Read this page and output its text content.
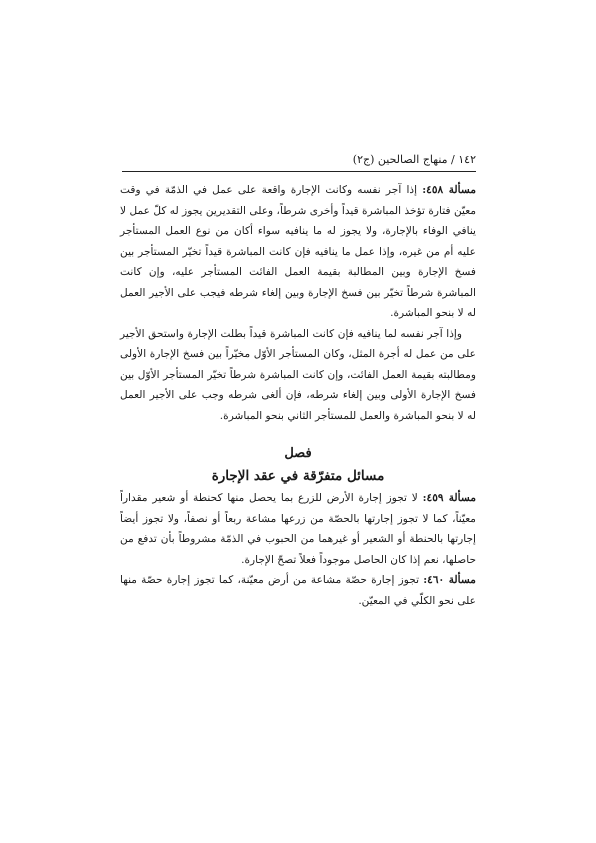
١٤٢ / منهاج الصالحين (ج٢)

مسألة ٤٥٨: إذا آجر نفسه وكانت الإجارة واقعة على عمل في الذمّة في وقت معيّن فتارة تؤخذ المباشرة قيداً وأخرى شرطاً، وعلى التقديرين يجوز له كلّ عمل لا ينافي الوفاء بالإجارة، ولا يجوز له ما ينافيه سواء أكان من نوع العمل المستأجر عليه أم من غيره، وإذا عمل ما ينافيه فإن كانت المباشرة قيداً تخيّر المستأجر بين فسخ الإجارة وبين المطالبة بقيمة العمل الفائت المستأجر عليه، وإن كانت المباشرة شرطاً تخيّر بين فسخ الإجارة وبين إلغاء شرطه فيجب على الأجير العمل له لا بنحو المباشرة.

وإذا آجر نفسه لما ينافيه فإن كانت المباشرة قيداً بطلت الإجارة واستحق الأجير على من عمل له أجرة المثل، وكان المستأجر الأوّل مخيّراً بين فسخ الإجارة الأولى ومطالبته بقيمة العمل الفائت، وإن كانت المباشرة شرطاً تخيّر المستأجر الأوّل بين فسخ الإجارة الأولى وبين إلغاء شرطه، فإن ألغى شرطه وجب على الأجير العمل له لا بنحو المباشرة والعمل للمستأجر الثاني بنحو المباشرة.

فصل

مسائل متفرّقة في عقد الإجارة

مسألة ٤٥٩: لا تجوز إجارة الأرض للزرع بما يحصل منها كحنطة أو شعير مقداراً معيّناً، كما لا تجوز إجارتها بالحصّة من زرعها مشاعة ربعاً أو نصفاً، ولا تجوز أيضاً إجارتها بالحنطة أو الشعير أو غيرهما من الحبوب في الذمّة مشروطاً بأن تدفع من حاصلها، نعم إذا كان الحاصل موجوداً فعلاً تصحّ الإجارة.

مسألة ٤٦٠: تجوز إجارة حصّة مشاعة من أرض معيّنة، كما تجوز إجارة حصّة منها على نحو الكلّي في المعيّن.
